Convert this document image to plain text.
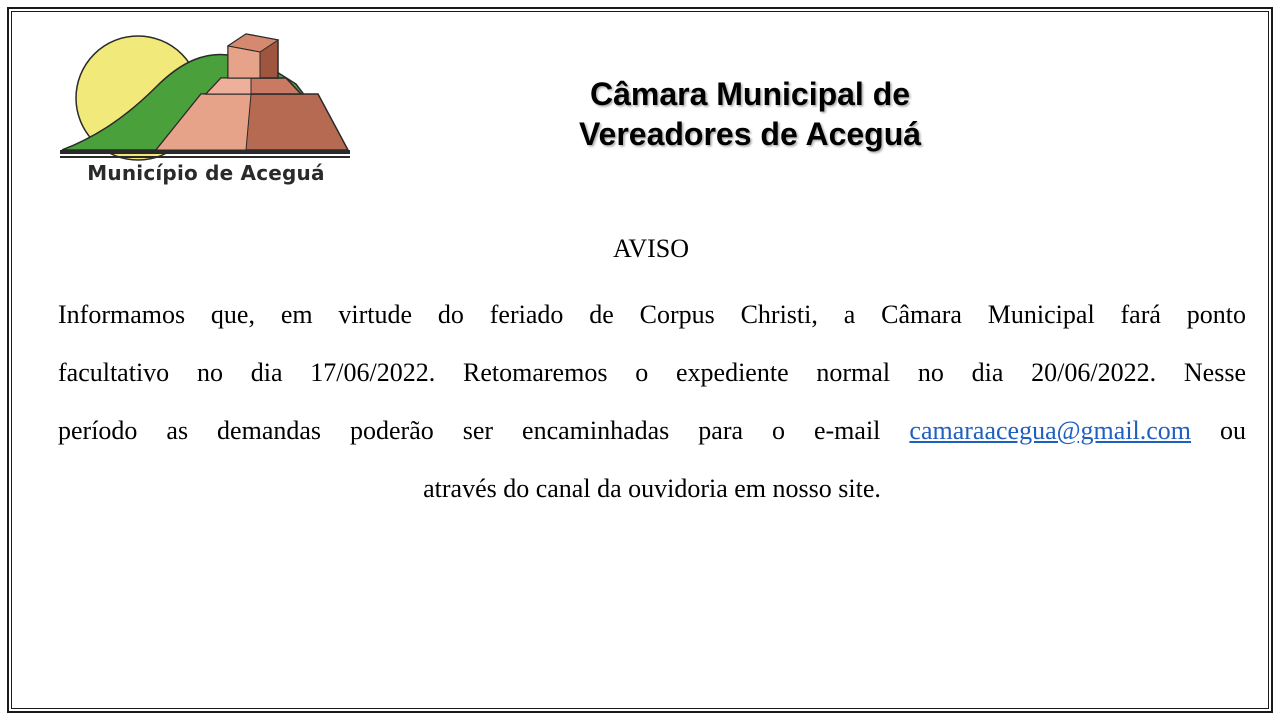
Município de Aceguá
Câmara Municipal de
Vereadores de Aceguá
AVISO
Informamos que, em virtude do feriado de Corpus Christi, a Câmara Municipal fará ponto
facultativo no dia 17/06/2022. Retomaremos o expediente normal no dia 20/06/2022. Nesse
período as demandas poderão ser encaminhadas para o e-mail camaraacegua@gmail.com ou
através do canal da ouvidoria em nosso site.
